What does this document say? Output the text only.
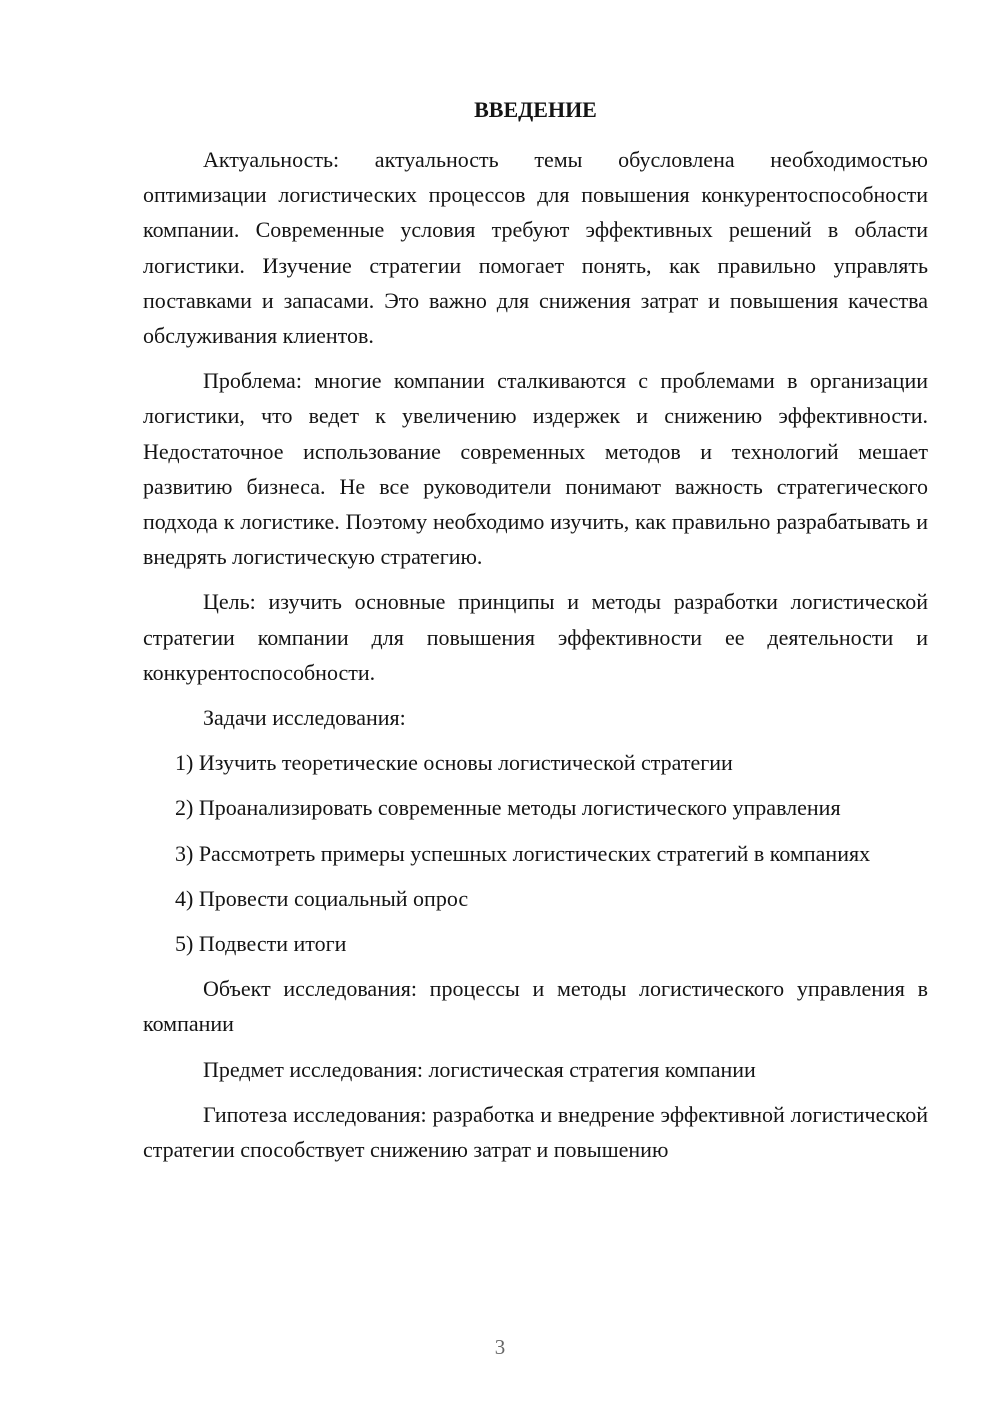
ВВЕДЕНИЕ

Актуальность: актуальность темы обусловлена необходимостью оптимизации логистических процессов для повышения конкурентоспособности компании. Современные условия требуют эффективных решений в области логистики. Изучение стратегии помогает понять, как правильно управлять поставками и запасами. Это важно для снижения затрат и повышения качества обслуживания клиентов.

Проблема: многие компании сталкиваются с проблемами в организации логистики, что ведет к увеличению издержек и снижению эффективности. Недостаточное использование современных методов и технологий мешает развитию бизнеса. Не все руководители понимают важность стратегического подхода к логистике. Поэтому необходимо изучить, как правильно разрабатывать и внедрять логистическую стратегию.

Цель: изучить основные принципы и методы разработки логистической стратегии компании для повышения эффективности ее деятельности и конкурентоспособности.

Задачи исследования:

1) Изучить теоретические основы логистической стратегии

2) Проанализировать современные методы логистического управления

3) Рассмотреть примеры успешных логистических стратегий в компаниях

4) Провести социальный опрос

5) Подвести итоги

Объект исследования: процессы и методы логистического управления в компании

Предмет исследования: логистическая стратегия компании

Гипотеза исследования: разработка и внедрение эффективной логистической стратегии способствует снижению затрат и повышению

3
